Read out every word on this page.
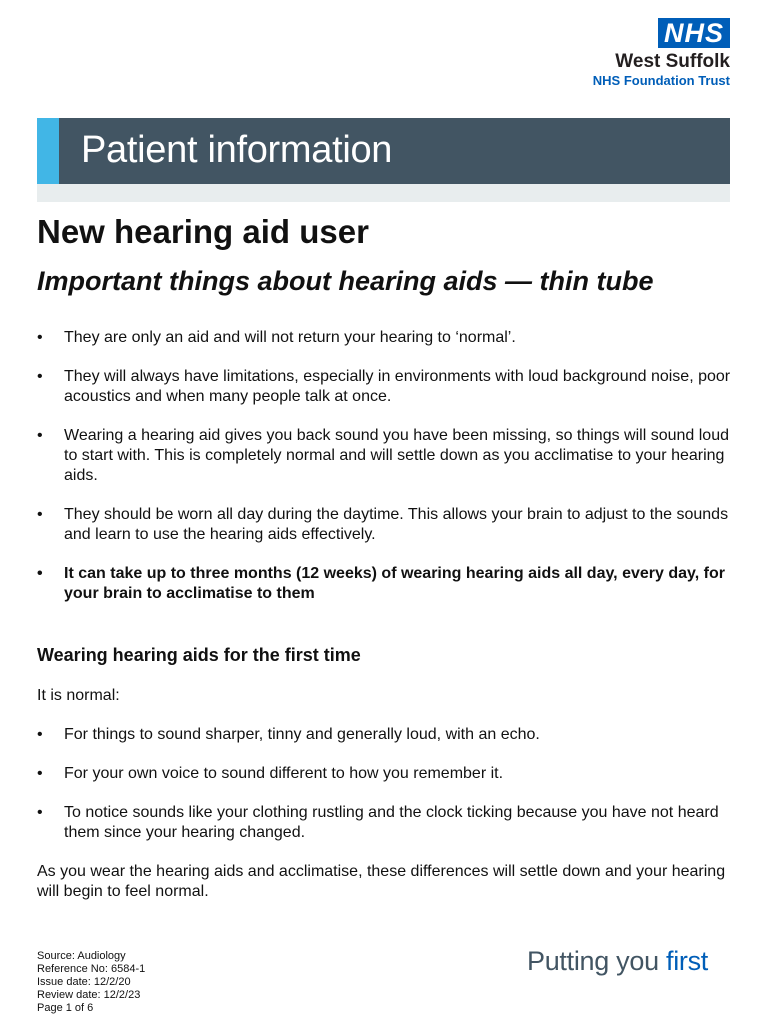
NHS
West Suffolk
NHS Foundation Trust
Patient information
New hearing aid user
Important things about hearing aids — thin tube
• They are only an aid and will not return your hearing to ‘normal’.
• They will always have limitations, especially in environments with loud background noise, poor acoustics and when many people talk at once.
• Wearing a hearing aid gives you back sound you have been missing, so things will sound loud to start with. This is completely normal and will settle down as you acclimatise to your hearing aids.
• They should be worn all day during the daytime. This allows your brain to adjust to the sounds and learn to use the hearing aids effectively.
• It can take up to three months (12 weeks) of wearing hearing aids all day, every day, for your brain to acclimatise to them
Wearing hearing aids for the first time

It is normal:

• For things to sound sharper, tinny and generally loud, with an echo.
• For your own voice to sound different to how you remember it.
• To notice sounds like your clothing rustling and the clock ticking because you have not heard them since your hearing changed.

As you wear the hearing aids and acclimatise, these differences will settle down and your hearing will begin to feel normal.

Source: Audiology
Reference No: 6584-1
Issue date: 12/2/20
Review date: 12/2/23
Page 1 of 6
Putting you first
